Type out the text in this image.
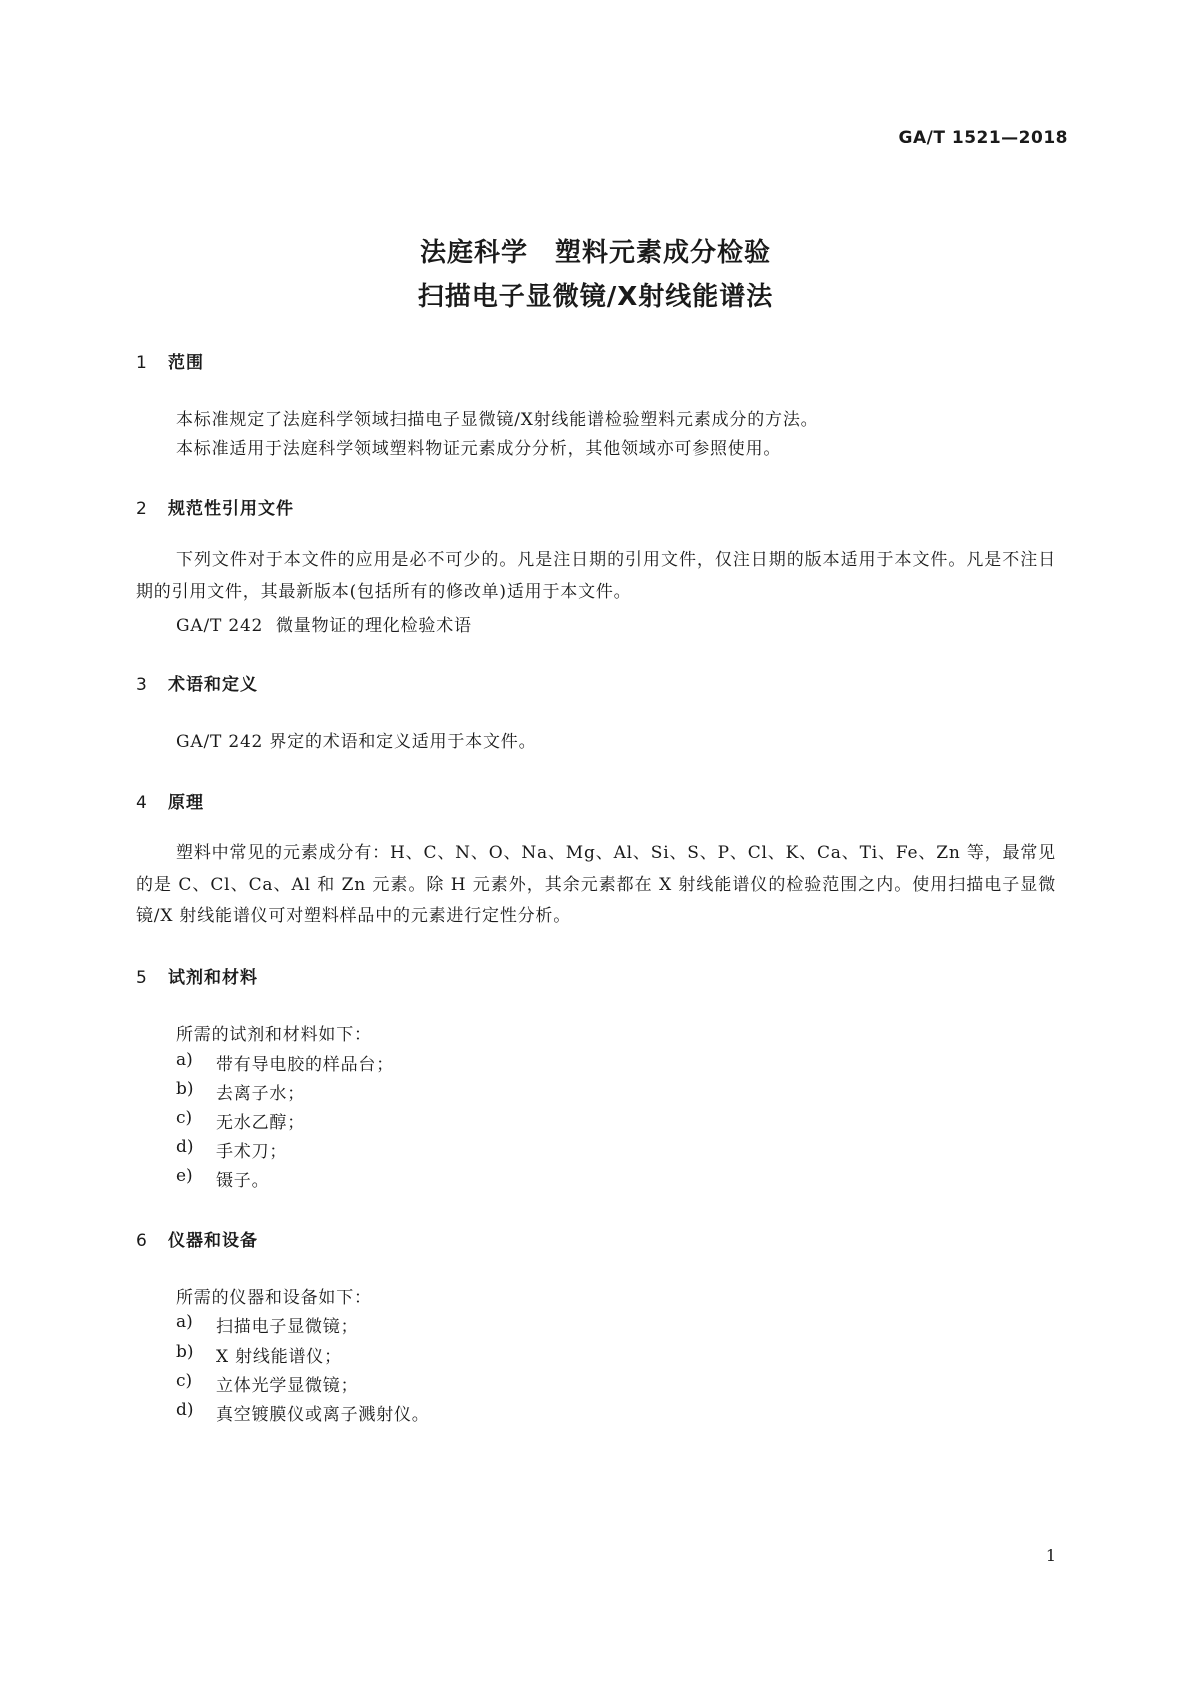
GA/T 1521—2018
法庭科学　塑料元素成分检验
扫描电子显微镜/X射线能谱法
1 范围
本标准规定了法庭科学领域扫描电子显微镜/X射线能谱检验塑料元素成分的方法。
本标准适用于法庭科学领域塑料物证元素成分分析，其他领域亦可参照使用。
2 规范性引用文件
下列文件对于本文件的应用是必不可少的。凡是注日期的引用文件，仅注日期的版本适用于本文件。凡是不注日期的引用文件，其最新版本(包括所有的修改单)适用于本文件。
GA/T 242 微量物证的理化检验术语
3 术语和定义
GA/T 242 界定的术语和定义适用于本文件。
4 原理
塑料中常见的元素成分有：H、C、N、O、Na、Mg、Al、Si、S、P、Cl、K、Ca、Ti、Fe、Zn 等，最常见的是 C、Cl、Ca、Al 和 Zn 元素。除 H 元素外，其余元素都在 X 射线能谱仪的检验范围之内。使用扫描电子显微镜/X 射线能谱仪可对塑料样品中的元素进行定性分析。
5 试剂和材料
所需的试剂和材料如下：
a) 带有导电胶的样品台；
b) 去离子水；
c) 无水乙醇；
d) 手术刀；
e) 镊子。
6 仪器和设备
所需的仪器和设备如下：
a) 扫描电子显微镜；
b) X 射线能谱仪；
c) 立体光学显微镜；
d) 真空镀膜仪或离子溅射仪。
1
